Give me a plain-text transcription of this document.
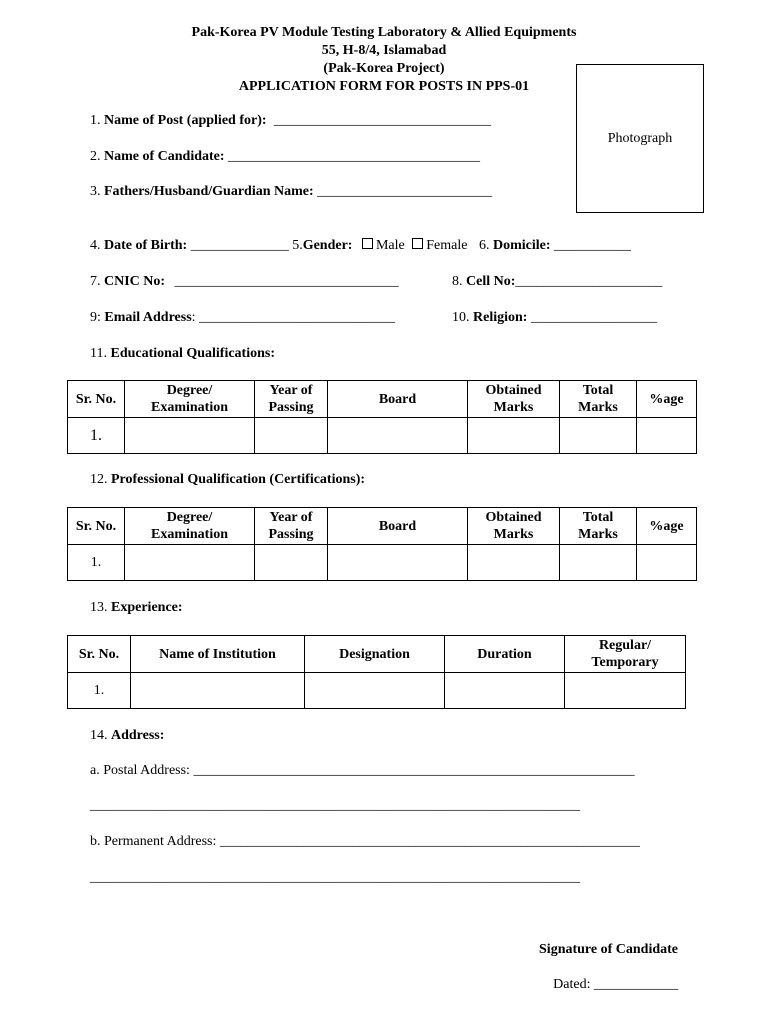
Pak-Korea PV Module Testing Laboratory & Allied Equipments
55, H-8/4, Islamabad
(Pak-Korea Project)
APPLICATION FORM FOR POSTS IN PPS-01
Photograph
1. Name of Post (applied for): _______________________________
2. Name of Candidate: ____________________________________
3. Fathers/Husband/Guardian Name: _________________________
4. Date of Birth: ______________ 5.Gender: Male Female 6. Domicile: ___________
7. CNIC No: ________________________________	8. Cell No:_____________________
9: Email Address: ____________________________	10. Religion: __________________
11. Educational Qualifications:
Sr. No.	Degree/ Examination	Year of Passing	Board	Obtained Marks	Total Marks	%age
1.						
12. Professional Qualification (Certifications):
Sr. No.	Degree/ Examination	Year of Passing	Board	Obtained Marks	Total Marks	%age
1.						
13. Experience:
Sr. No.	Name of Institution	Designation	Duration	Regular/ Temporary
1.				
14. Address:
a. Postal Address: _______________________________________________________________
______________________________________________________________________
b. Permanent Address: ____________________________________________________________
______________________________________________________________________
Signature of Candidate
Dated: ____________
